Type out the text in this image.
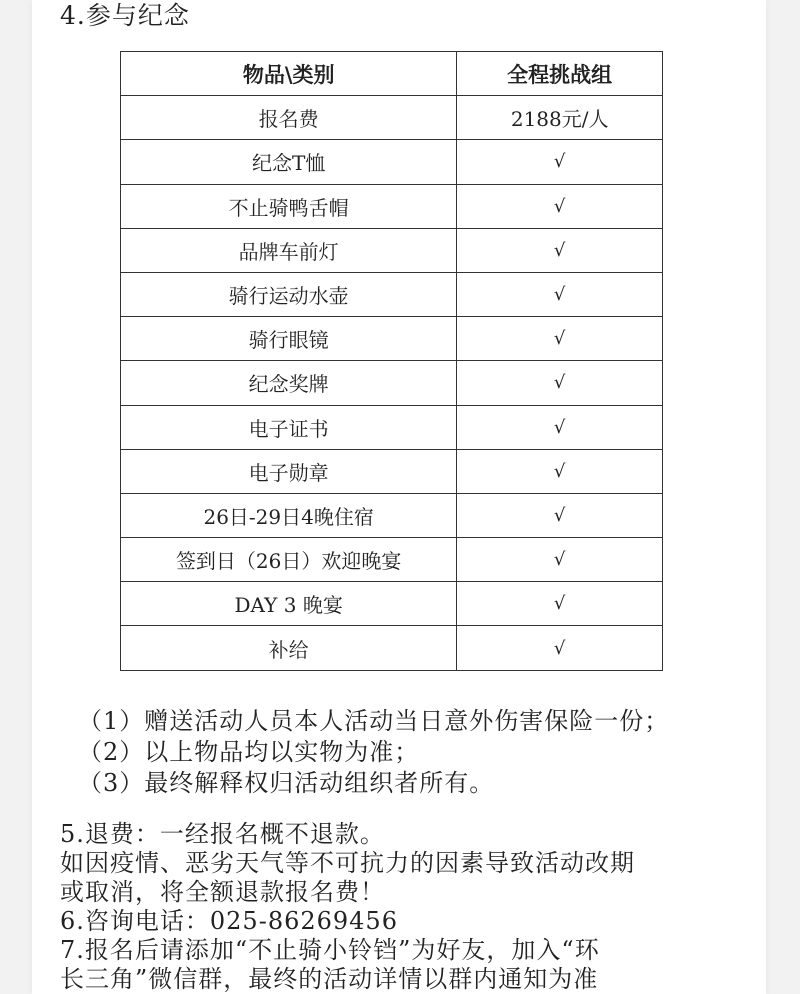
4.参与纪念
物品\类别	全程挑战组
报名费	2188元/人
纪念T恤	√
不止骑鸭舌帽	√
品牌车前灯	√
骑行运动水壶	√
骑行眼镜	√
纪念奖牌	√
电子证书	√
电子勋章	√
26日-29日4晚住宿	√
签到日（26日）欢迎晚宴	√
DAY 3 晚宴	√
补给	√
（1）赠送活动人员本人活动当日意外伤害保险一份；
（2）以上物品均以实物为准；
（3）最终解释权归活动组织者所有。
5.退费：一经报名概不退款。
如因疫情、恶劣天气等不可抗力的因素导致活动改期
或取消，将全额退款报名费！
6.咨询电话：025-86269456
7.报名后请添加“不止骑小铃铛”为好友，加入“环
长三角”微信群，最终的活动详情以群内通知为准
